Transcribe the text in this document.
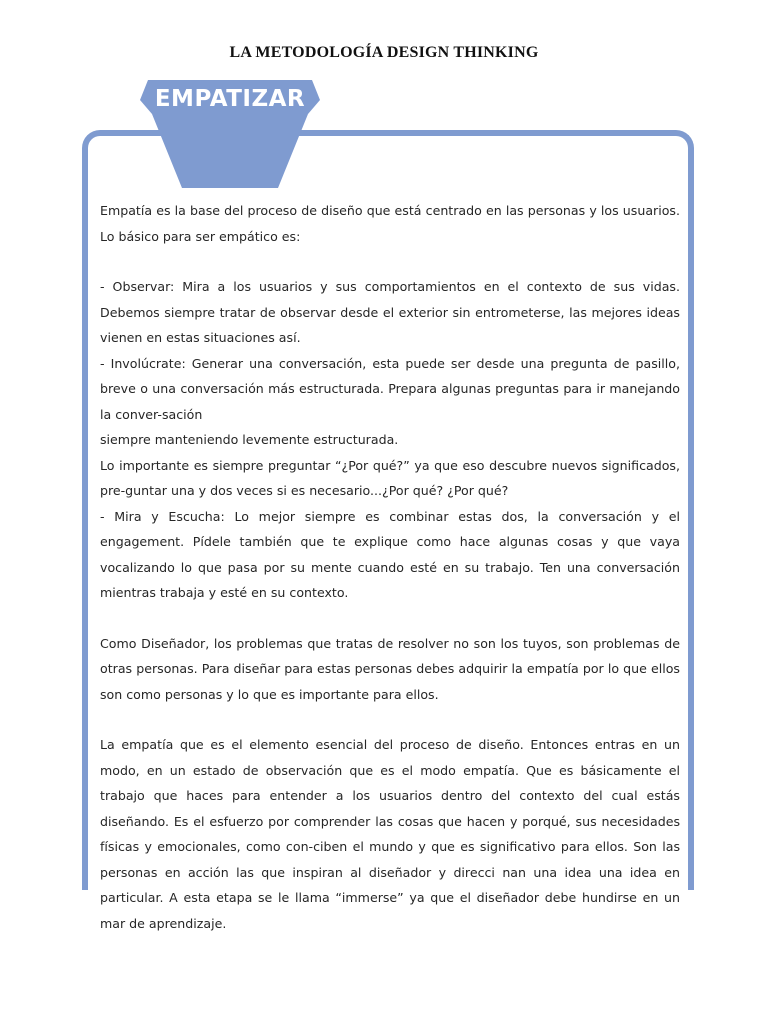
LA METODOLOGÍA DESIGN THINKING
EMPATIZAR

Empatía es la base del proceso de diseño que está centrado en las personas y los usuarios. Lo básico para ser empático es:

- Observar: Mira a los usuarios y sus comportamientos en el contexto de sus vidas. Debemos siempre tratar de observar desde el exterior sin entrometerse, las mejores ideas vienen en estas situaciones así.

- Involúcrate: Generar una conversación, esta puede ser desde una pregunta de pasillo, breve o una conversación más estructurada. Prepara algunas preguntas para ir manejando la conver-sación

siempre manteniendo levemente estructurada.

Lo importante es siempre preguntar “¿Por qué?” ya que eso descubre nuevos significados, pre-guntar una y dos veces si es necesario...¿Por qué? ¿Por qué?

- Mira y Escucha: Lo mejor siempre es combinar estas dos, la conversación y el engagement. Pídele también que te explique como hace algunas cosas y que vaya vocalizando lo que pasa por su mente cuando esté en su trabajo. Ten una conversación mientras trabaja y esté en su contexto.

Como Diseñador, los problemas que tratas de resolver no son los tuyos, son problemas de otras personas. Para diseñar para estas personas debes adquirir la empatía por lo que ellos son como personas y lo que es importante para ellos.

La empatía que es el elemento esencial del proceso de diseño. Entonces entras en un modo, en un estado de observación que es el modo empatía. Que es básicamente el trabajo que haces para entender a los usuarios dentro del contexto del cual estás diseñando. Es el esfuerzo por comprender las cosas que hacen y porqué, sus necesidades físicas y emocionales, como con-ciben el mundo y que es significativo para ellos. Son las personas en acción las que inspiran al diseñador y direcci nan una idea una idea en particular. A esta etapa se le llama “immerse” ya que el diseñador debe hundirse en un mar de aprendizaje.
